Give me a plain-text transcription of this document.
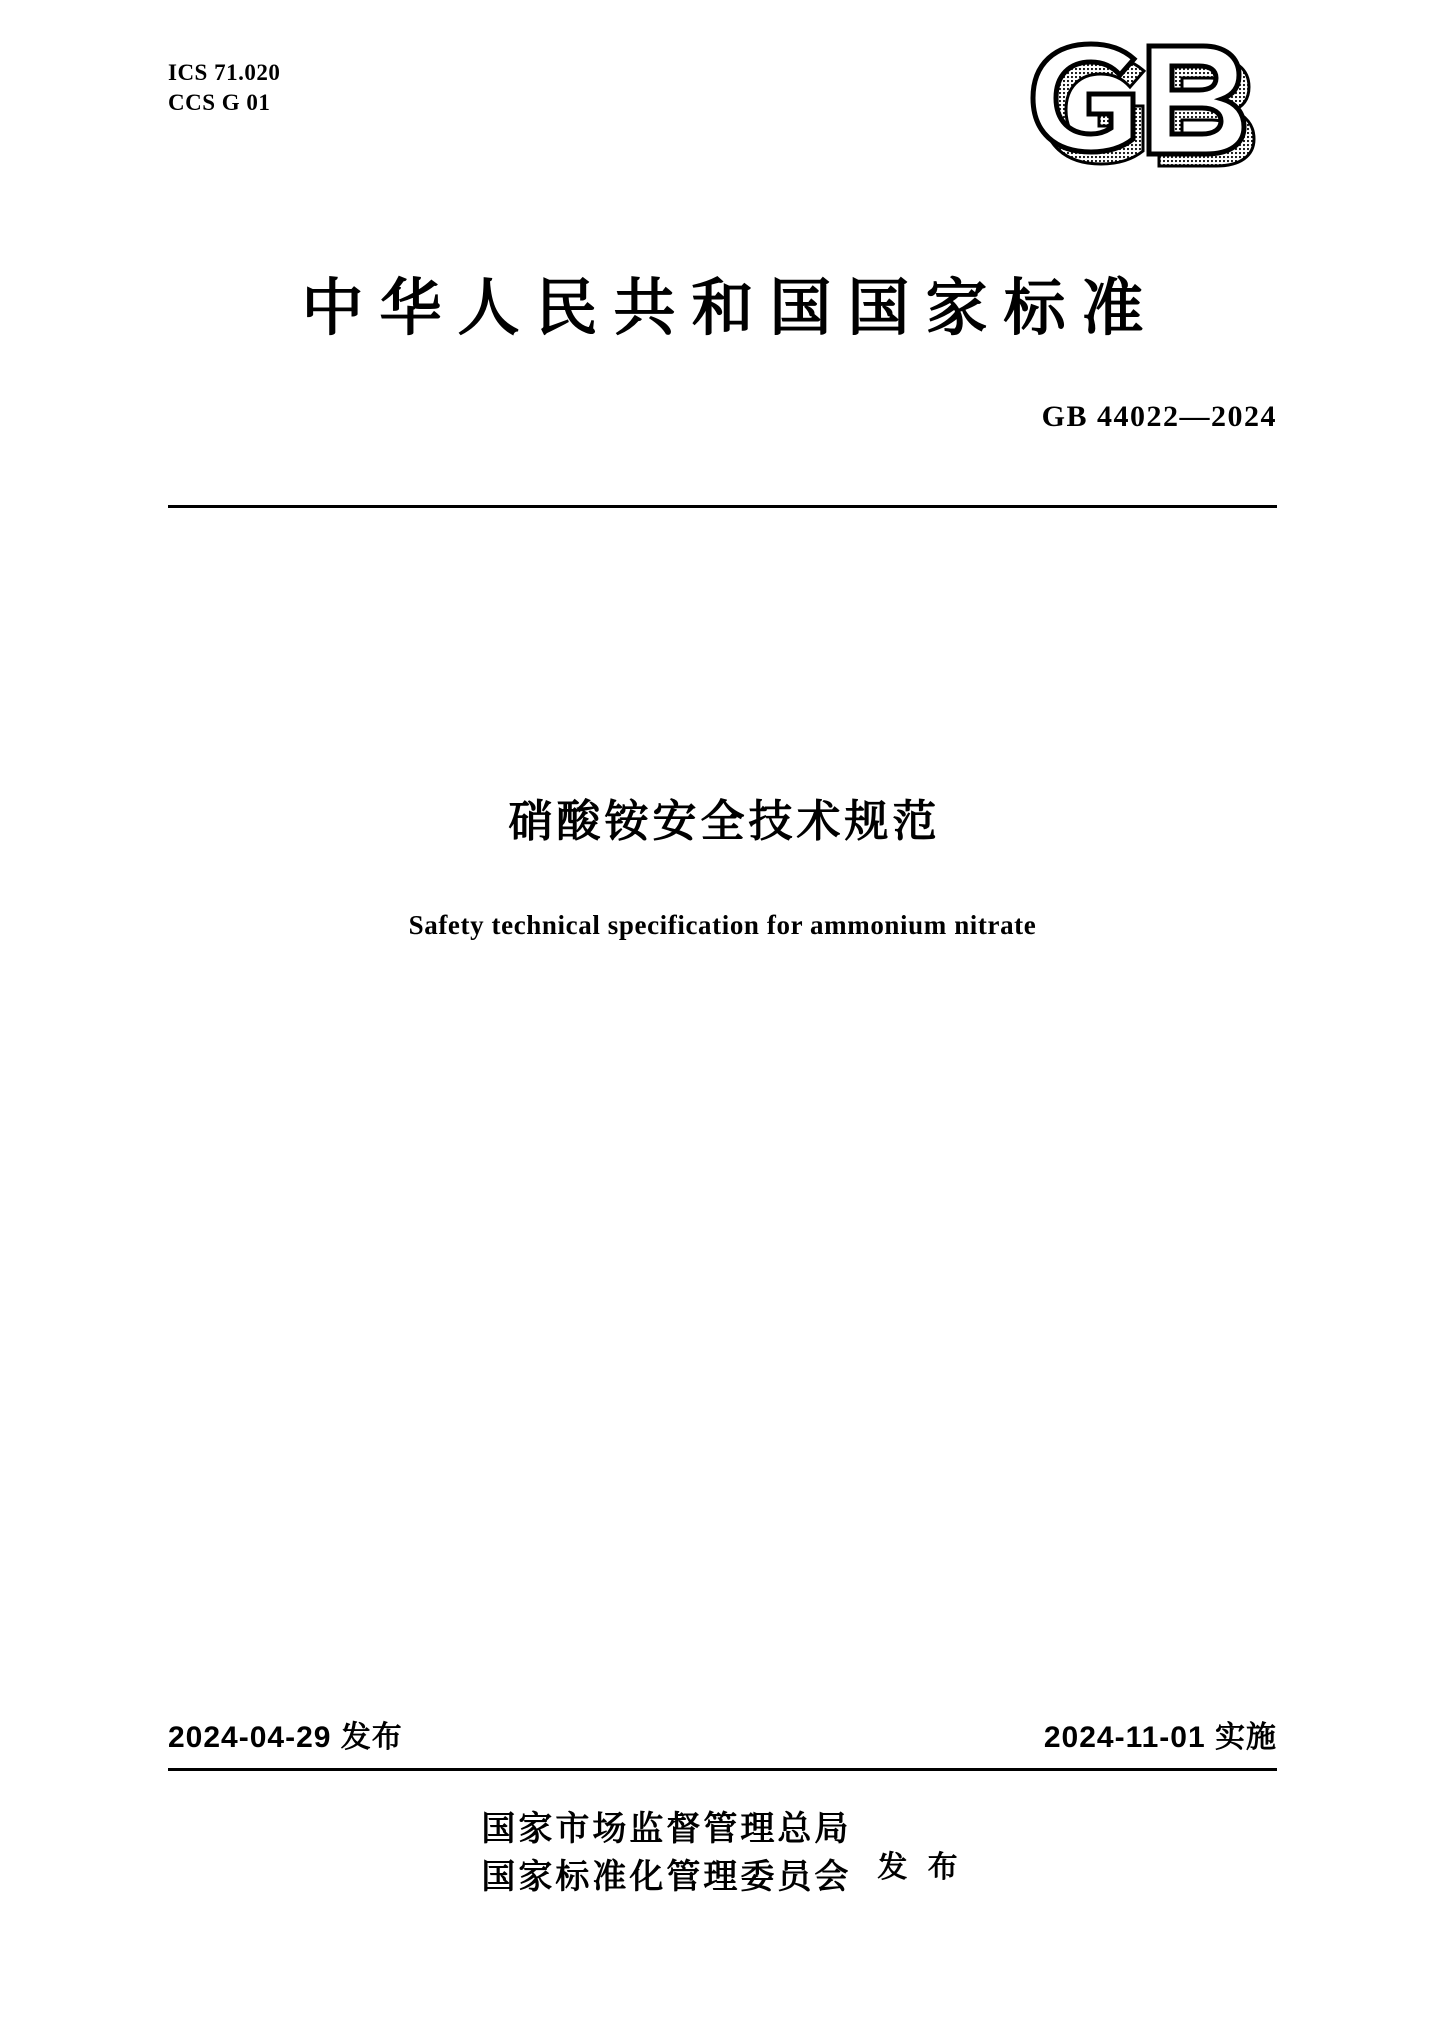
ICS 71.020
CCS G 01
中华人民共和国国家标准
GB 44022—2024
硝酸铵安全技术规范
Safety technical specification for ammonium nitrate
2024-04-29 发布	2024-11-01 实施
国家市场监督管理总局
国家标准化管理委员会 发 布
